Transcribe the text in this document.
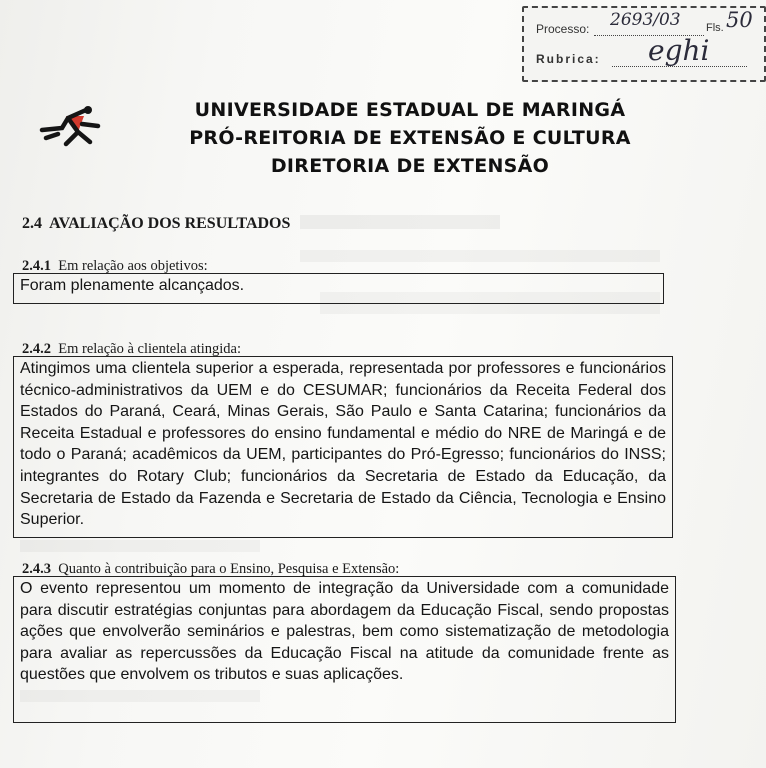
Processo: 2693/03 Fls. 50
Rubrica: eghi
UNIVERSIDADE ESTADUAL DE MARINGÁ
PRÓ-REITORIA DE EXTENSÃO E CULTURA
DIRETORIA DE EXTENSÃO
2.4 AVALIAÇÃO DOS RESULTADOS
2.4.1 Em relação aos objetivos:
Foram plenamente alcançados.
2.4.2 Em relação à clientela atingida:
Atingimos uma clientela superior a esperada, representada por professores e funcionários técnico-administrativos da UEM e do CESUMAR; funcionários da Receita Federal dos Estados do Paraná, Ceará, Minas Gerais, São Paulo e Santa Catarina; funcionários da Receita Estadual e professores do ensino fundamental e médio do NRE de Maringá e de todo o Paraná; acadêmicos da UEM, participantes do Pró-Egresso; funcionários do INSS; integrantes do Rotary Club; funcionários da Secretaria de Estado da Educação, da Secretaria de Estado da Fazenda e Secretaria de Estado da Ciência, Tecnologia e Ensino Superior.
2.4.3 Quanto à contribuição para o Ensino, Pesquisa e Extensão:
O evento representou um momento de integração da Universidade com a comunidade para discutir estratégias conjuntas para abordagem da Educação Fiscal, sendo propostas ações que envolverão seminários e palestras, bem como sistematização de metodologia para avaliar as repercussões da Educação Fiscal na atitude da comunidade frente as questões que envolvem os tributos e suas aplicações.
